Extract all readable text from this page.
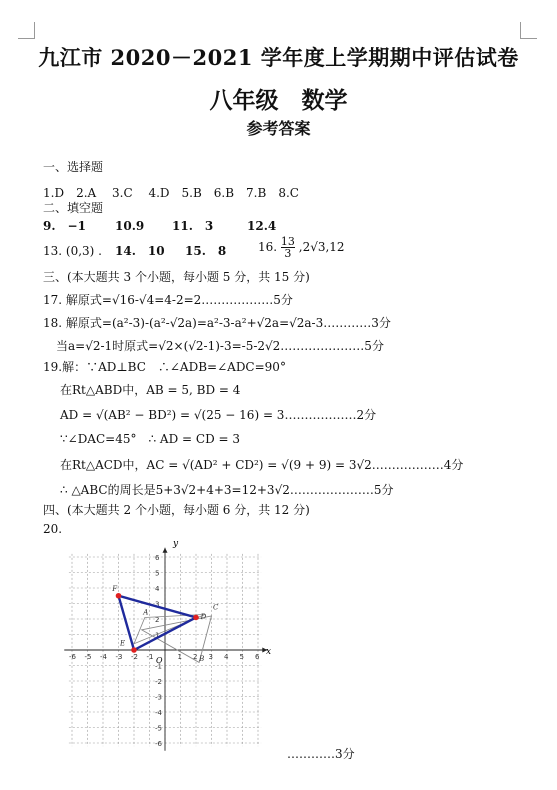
九江市 2020－2021 学年度上学期期中评估试卷
八年级　数学
参考答案
一、选择题
1.D　2.A　 3.C　 4.D　5.B　6.B　7.B　8.C
二、填空题
9.　−1 10.9 11.　3	12.4
13. (0,3) . 14.　10 15.　8	16. $\frac{13}{3} ,2√3,12$
三、(本大题共 3 个小题，每小题 5 分，共 15 分)
17. 解原式=√16-√4=4-2=2………………5分
18. 解原式=(a²-3)-(a²-√2a)=a²-3-a²+√2a=√2a-3…………3分
当a=√2-1时原式=√2×(√2-1)-3=-5-2√2…………………5分
19.解：∵AD⊥BC　∴∠ADB=∠ADC=90°
在Rt△ABD中，AB = 5, BD = 4
AD = √(AB² − BD²) = √(25 − 16) = 3………………2分
∵∠DAC=45°　∴ AD = CD = 3
在Rt△ACD中，AC = √(AD² + CD²) = √(9 + 9) = 3√2………………4分
∴ △ABC的周长是5+3√2+4+3=12+3√2…………………5分
四、(本大题共 2 个小题，每小题 6 分，共 12 分)
20.
-6 -5 -4 -3 -2 -1	1 2 3 4 5 6
6
5
4
3
2
1
-1
-2
-3
-4
-5
-6
F
E
D
A
B
C
y
x
O
…………3分
